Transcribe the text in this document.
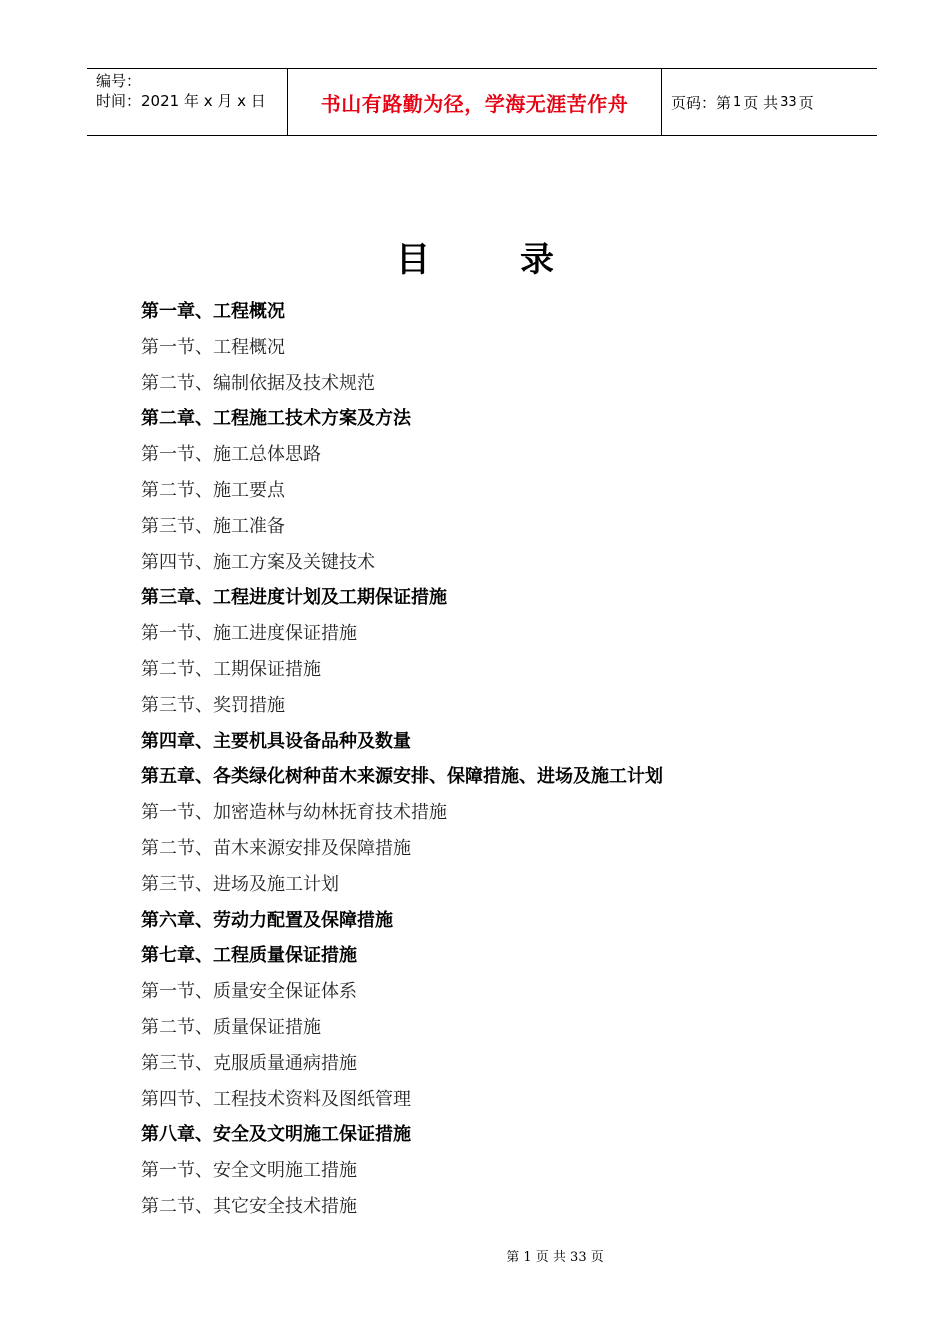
编号：
时间：2021 年 x 月 x 日	书山有路勤为径，学海无涯苦作舟	页码：第 1 页 共 33 页
目	录
第一章、工程概况
第一节、工程概况
第二节、编制依据及技术规范
第二章、工程施工技术方案及方法
第一节、施工总体思路
第二节、施工要点
第三节、施工准备
第四节、施工方案及关键技术
第三章、工程进度计划及工期保证措施
第一节、施工进度保证措施
第二节、工期保证措施
第三节、奖罚措施
第四章、主要机具设备品种及数量
第五章、各类绿化树种苗木来源安排、保障措施、进场及施工计划
第一节、加密造林与幼林抚育技术措施
第二节、苗木来源安排及保障措施
第三节、进场及施工计划
第六章、劳动力配置及保障措施
第七章、工程质量保证措施
第一节、质量安全保证体系
第二节、质量保证措施
第三节、克服质量通病措施
第四节、工程技术资料及图纸管理
第八章、安全及文明施工保证措施
第一节、安全文明施工措施
第二节、其它安全技术措施
第 1 页 共 33 页
